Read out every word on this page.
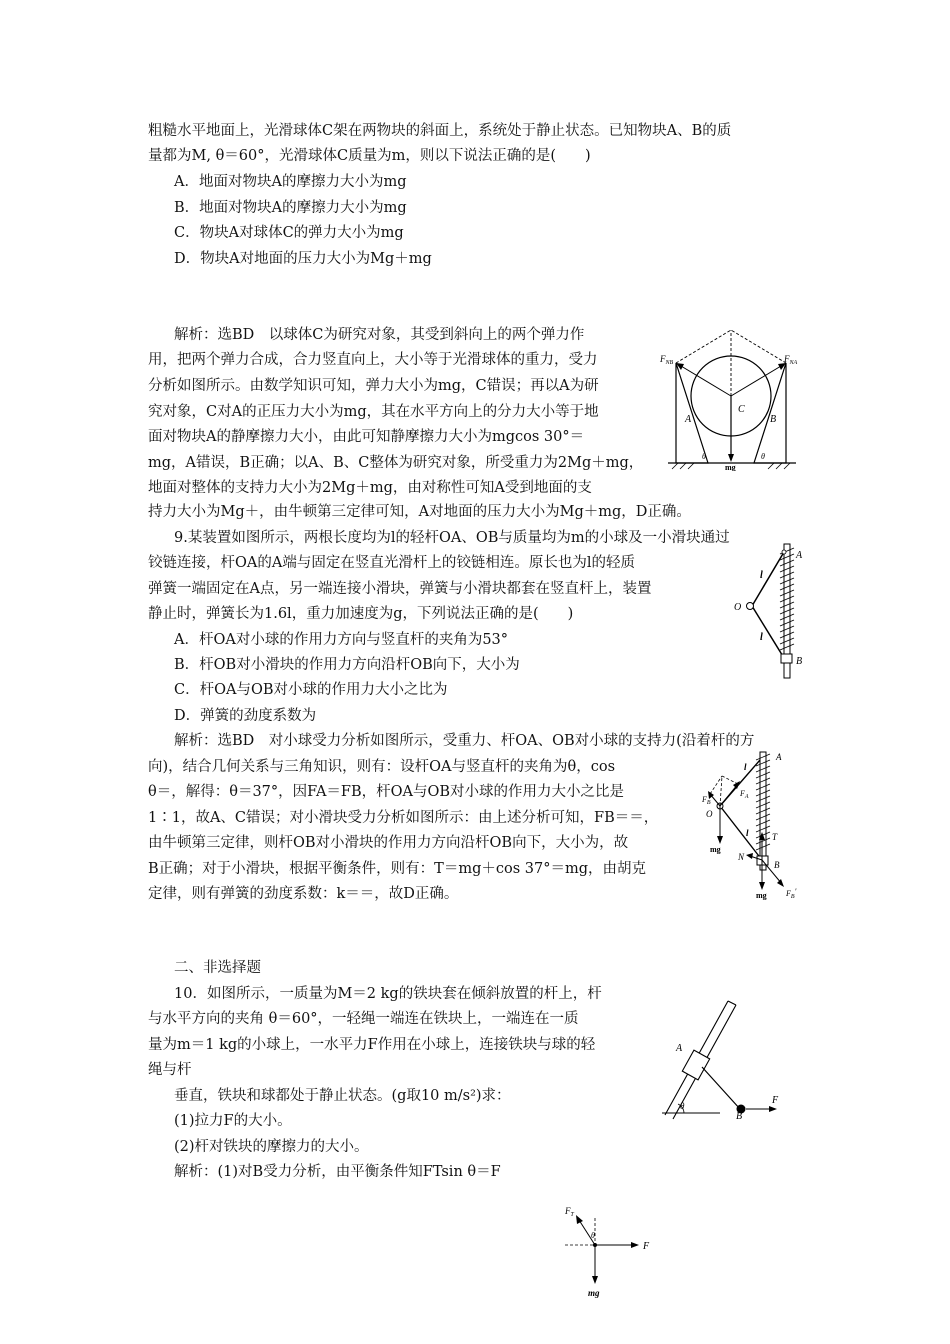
粗糙水平地面上，光滑球体C架在两物块的斜面上，系统处于静止状态。已知物块A、B的质
量都为M, θ＝60°，光滑球体C质量为m，则以下说法正确的是(　　)
A．地面对物块A的摩擦力大小为mg
B．地面对物块A的摩擦力大小为mg
C．物块A对球体C的弹力大小为mg
D．物块A对地面的压力大小为Mg＋mg
解析：选BD　以球体C为研究对象，其受到斜向上的两个弹力作
用，把两个弹力合成，合力竖直向上，大小等于光滑球体的重力，受力
分析如图所示。由数学知识可知，弹力大小为mg，C错误；再以A为研
究对象，C对A的正压力大小为mg，其在水平方向上的分力大小等于地
面对物块A的静摩擦力大小，由此可知静摩擦力大小为mgcos 30°＝
mg，A错误，B正确；以A、B、C整体为研究对象，所受重力为2Mg＋mg，
地面对整体的支持力大小为2Mg＋mg，由对称性可知A受到地面的支
持力大小为Mg＋，由牛顿第三定律可知，A对地面的压力大小为Mg＋mg，D正确。
$F_{NB}$	$F_{NA}$
A	B
C
θ	θ
mg
9.某装置如图所示，两根长度均为l的轻杆OA、OB与质量均为m的小球及一小滑块通过
铰链连接，杆OA的A端与固定在竖直光滑杆上的铰链相连。原长也为l的轻质
弹簧一端固定在A点，另一端连接小滑块，弹簧与小滑块都套在竖直杆上，装置
静止时，弹簧长为1.6l，重力加速度为g，下列说法正确的是(　　)
A．杆OA对小球的作用力方向与竖直杆的夹角为53°
B．杆OB对小滑块的作用力方向沿杆OB向下，大小为
C．杆OA与OB对小球的作用力大小之比为
D．弹簧的劲度系数为
解析：选BD　对小球受力分析如图所示，受重力、杆OA、OB对小球的支持力(沿着杆的方
向)，结合几何关系与三角知识，则有：设杆OA与竖直杆的夹角为θ，cos
θ＝，解得：θ＝37°，因FA＝FB，杆OA与OB对小球的作用力大小之比是
1∶1，故A、C错误；对小滑块受力分析如图所示：由上述分析可知，FB＝＝，
由牛顿第三定律，则杆OB对小滑块的作用力方向沿杆OB向下，大小为，故
B正确；对于小滑块，根据平衡条件，则有：T＝mg＋cos 37°＝mg，由胡克
定律，则有弹簧的劲度系数：k＝＝，故D正确。
A
O
B
l
l
A
l
$F_B$
$F_A$
O
l	T
mg
N
B
mg $F_B'$
二、非选择题
10．如图所示，一质量为M＝2 kg的铁块套在倾斜放置的杆上，杆
与水平方向的夹角 θ＝60°，一轻绳一端连在铁块上，一端连在一质
量为m＝1 kg的小球上，一水平力F作用在小球上，连接铁块与球的轻
绳与杆
垂直，铁块和球都处于静止状态。(g取10 m/s²)求：
(1)拉力F的大小。
(2)杆对铁块的摩擦力的大小。
解析：(1)对B受力分析，由平衡条件知FTsin θ＝F
A
θ
B
F
$F_T$
θ
F
mg
